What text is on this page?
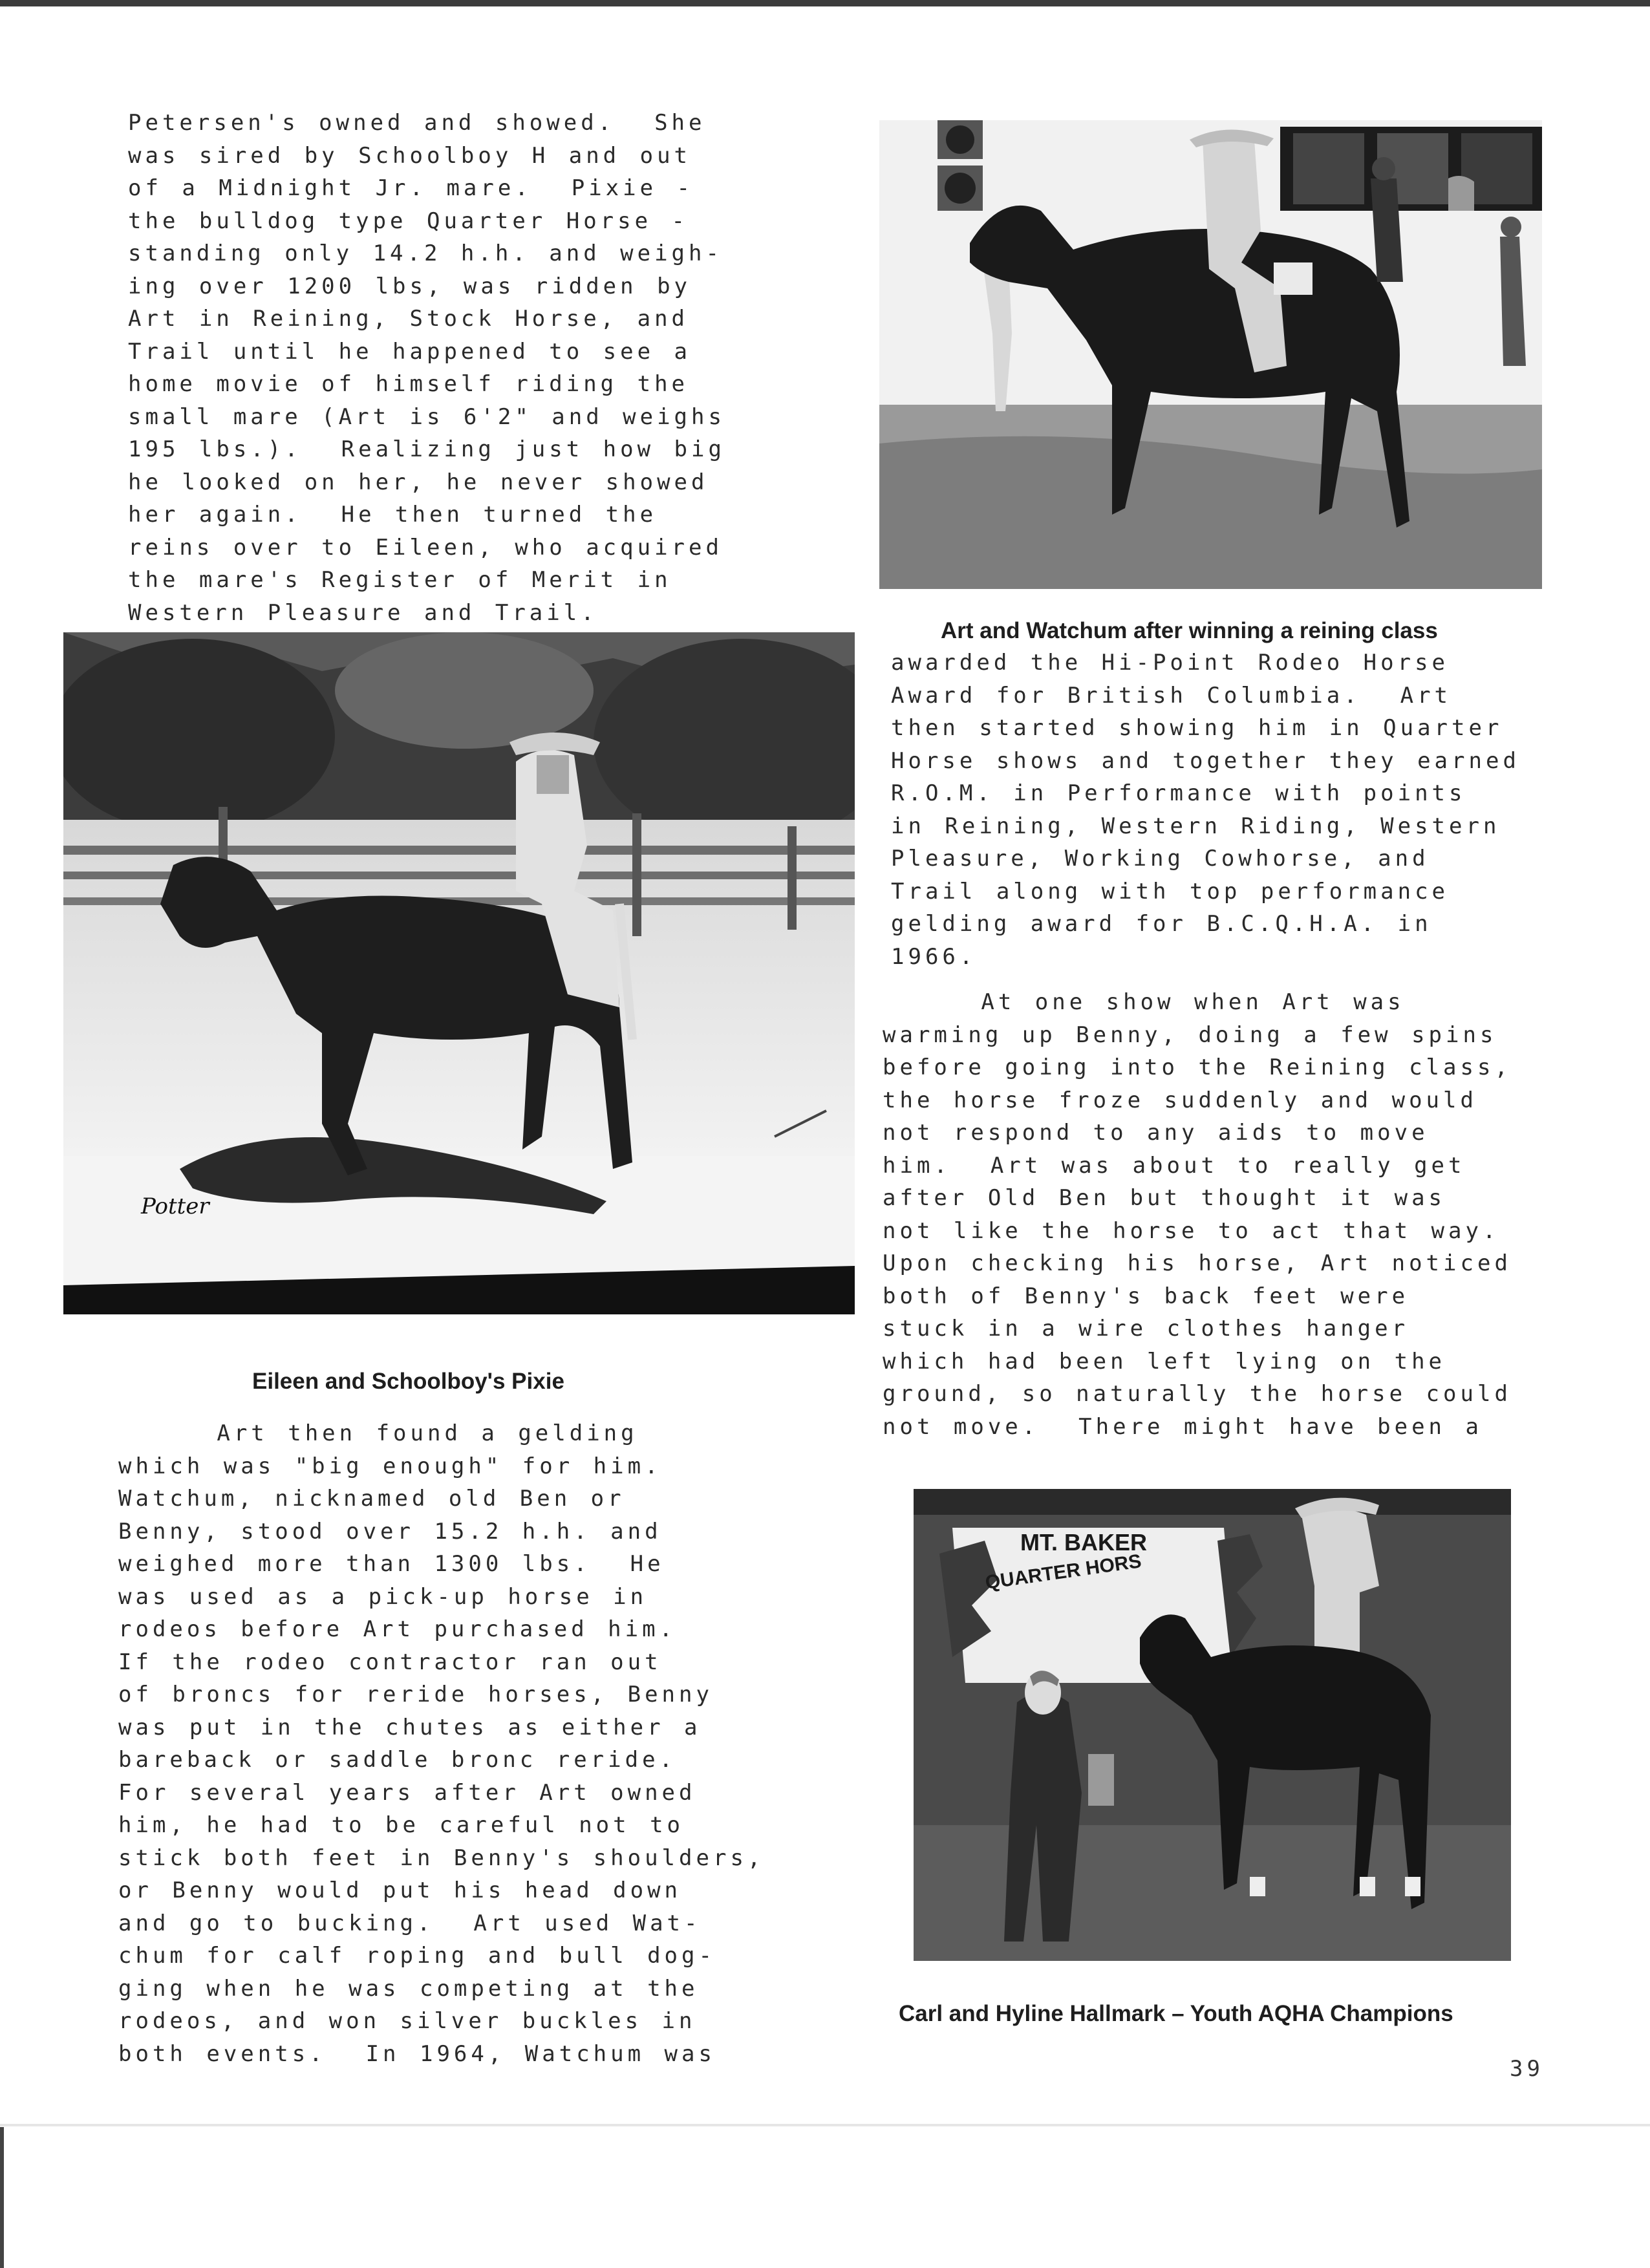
Petersen's owned and showed.  She
was sired by Schoolboy H and out
of a Midnight Jr. mare.  Pixie -
the bulldog type Quarter Horse -
standing only 14.2 h.h. and weigh-
ing over 1200 lbs, was ridden by
Art in Reining, Stock Horse, and
Trail until he happened to see a
home movie of himself riding the
small mare (Art is 6'2" and weighs
195 lbs.).  Realizing just how big
he looked on her, he never showed
her again.  He then turned the
reins over to Eileen, who acquired
the mare's Register of Merit in
Western Pleasure and Trail.
Potter
Eileen and Schoolboy's Pixie
Art then found a gelding
which was "big enough" for him.
Watchum, nicknamed old Ben or
Benny, stood over 15.2 h.h. and
weighed more than 1300 lbs.  He
was used as a pick-up horse in
rodeos before Art purchased him.
If the rodeo contractor ran out
of broncs for reride horses, Benny
was put in the chutes as either a
bareback or saddle bronc reride.
For several years after Art owned
him, he had to be careful not to
stick both feet in Benny's shoulders,
or Benny would put his head down
and go to bucking.  Art used Wat-
chum for calf roping and bull dog-
ging when he was competing at the
rodeos, and won silver buckles in
both events.  In 1964, Watchum was
Art and Watchum after winning a reining class
awarded the Hi-Point Rodeo Horse
Award for British Columbia.  Art
then started showing him in Quarter
Horse shows and together they earned
R.O.M. in Performance with points
in Reining, Western Riding, Western
Pleasure, Working Cowhorse, and
Trail along with top performance
gelding award for B.C.Q.H.A. in
1966.
At one show when Art was
warming up Benny, doing a few spins
before going into the Reining class,
the horse froze suddenly and would
not respond to any aids to move
him.  Art was about to really get
after Old Ben but thought it was
not like the horse to act that way.
Upon checking his horse, Art noticed
both of Benny's back feet were
stuck in a wire clothes hanger
which had been left lying on the
ground, so naturally the horse could
not move.  There might have been a
MT. BAKER
QUARTER HORS
Carl and Hyline Hallmark – Youth AQHA Champions
39
